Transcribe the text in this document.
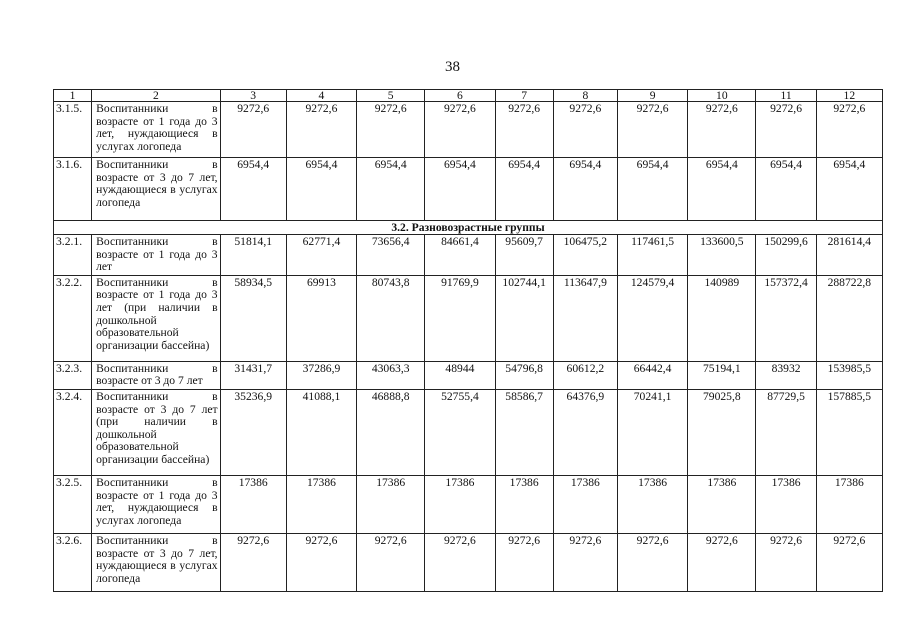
38
1	2	3	4	5	6	7	8	9	10	11	12
3.1.5.	Воспитанники в возрасте от 1 года до 3 лет, нуждающиеся в услугах логопеда	9272,6	9272,6	9272,6	9272,6	9272,6	9272,6	9272,6	9272,6	9272,6	9272,6
3.1.6.	Воспитанники в возрасте от 3 до 7 лет, нуждающиеся в услугах логопеда	6954,4	6954,4	6954,4	6954,4	6954,4	6954,4	6954,4	6954,4	6954,4	6954,4
3.2. Разновозрастные группы											
3.2.1.	Воспитанники в возрасте от 1 года до 3 лет	51814,1	62771,4	73656,4	84661,4	95609,7	106475,2	117461,5	133600,5	150299,6	281614,4
3.2.2.	Воспитанники в возрасте от 1 года до 3 лет (при наличии в дошкольной образовательной организации бассейна)	58934,5	69913	80743,8	91769,9	102744,1	113647,9	124579,4	140989	157372,4	288722,8
3.2.3.	Воспитанники в возрасте от 3 до 7 лет	31431,7	37286,9	43063,3	48944	54796,8	60612,2	66442,4	75194,1	83932	153985,5
3.2.4.	Воспитанники в возрасте от 3 до 7 лет (при наличии в дошкольной образовательной организации бассейна)	35236,9	41088,1	46888,8	52755,4	58586,7	64376,9	70241,1	79025,8	87729,5	157885,5
3.2.5.	Воспитанники в возрасте от 1 года до 3 лет, нуждающиеся в услугах логопеда	17386	17386	17386	17386	17386	17386	17386	17386	17386	17386
3.2.6.	Воспитанники в возрасте от 3 до 7 лет, нуждающиеся в услугах логопеда	9272,6	9272,6	9272,6	9272,6	9272,6	9272,6	9272,6	9272,6	9272,6	9272,6
